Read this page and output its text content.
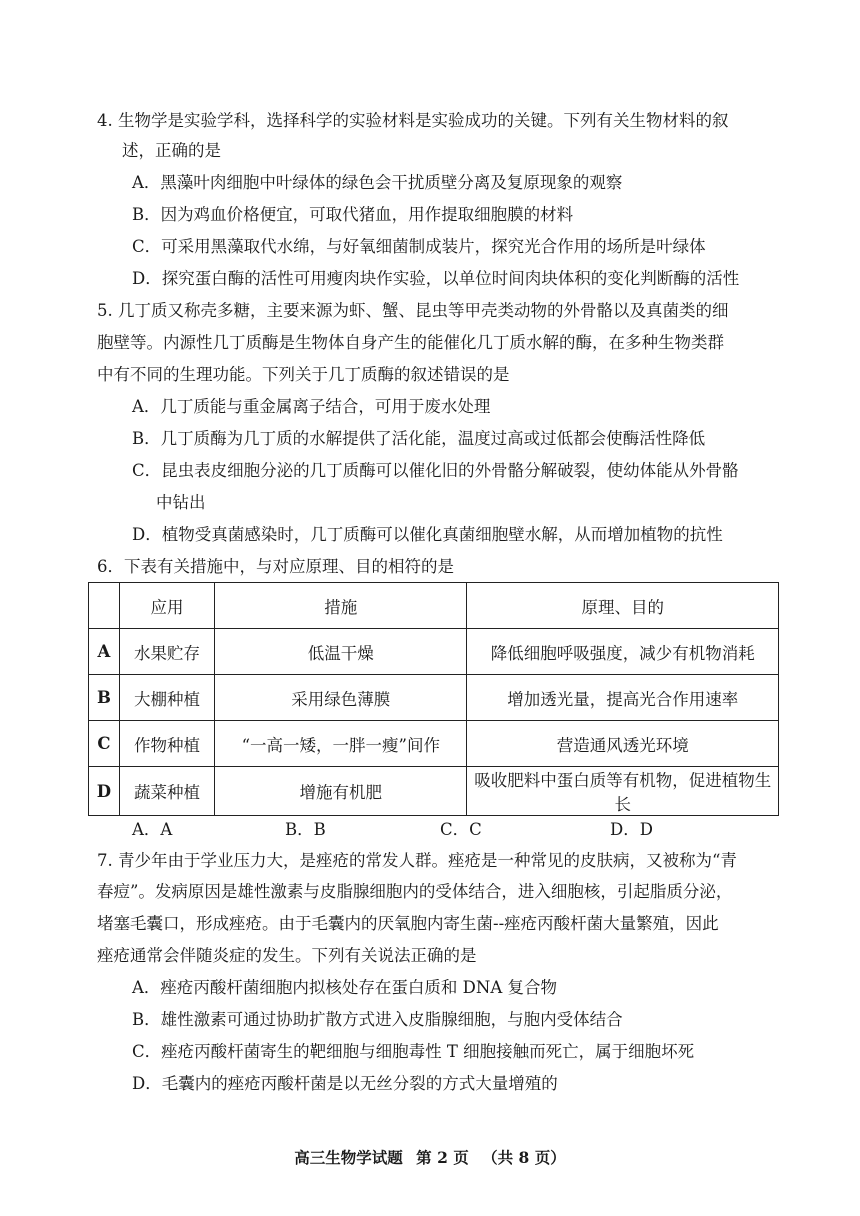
4. 生物学是实验学科，选择科学的实验材料是实验成功的关键。下列有关生物材料的叙
述，正确的是
A．黑藻叶肉细胞中叶绿体的绿色会干扰质壁分离及复原现象的观察
B．因为鸡血价格便宜，可取代猪血，用作提取细胞膜的材料
C．可采用黑藻取代水绵，与好氧细菌制成装片，探究光合作用的场所是叶绿体
D．探究蛋白酶的活性可用瘦肉块作实验，以单位时间肉块体积的变化判断酶的活性
5. 几丁质又称壳多糖，主要来源为虾、蟹、昆虫等甲壳类动物的外骨骼以及真菌类的细
胞壁等。内源性几丁质酶是生物体自身产生的能催化几丁质水解的酶，在多种生物类群
中有不同的生理功能。下列关于几丁质酶的叙述错误的是
A．几丁质能与重金属离子结合，可用于废水处理
B．几丁质酶为几丁质的水解提供了活化能，温度过高或过低都会使酶活性降低
C．昆虫表皮细胞分泌的几丁质酶可以催化旧的外骨骼分解破裂，使幼体能从外骨骼
中钻出
D．植物受真菌感染时，几丁质酶可以催化真菌细胞壁水解，从而增加植物的抗性
6．下表有关措施中，与对应原理、目的相符的是
	应用	措施	原理、目的
A	水果贮存	低温干燥	降低细胞呼吸强度，减少有机物消耗
B	大棚种植	采用绿色薄膜	增加透光量，提高光合作用速率
C	作物种植	“一高一矮，一胖一瘦”间作	营造通风透光环境
D	蔬菜种植	增施有机肥	吸收肥料中蛋白质等有机物，促进植物生长
A．A	B．B	C．C	D．D
7. 青少年由于学业压力大，是痤疮的常发人群。痤疮是一种常见的皮肤病，又被称为“青
春痘”。发病原因是雄性激素与皮脂腺细胞内的受体结合，进入细胞核，引起脂质分泌，
堵塞毛囊口，形成痤疮。由于毛囊内的厌氧胞内寄生菌--痤疮丙酸杆菌大量繁殖，因此
痤疮通常会伴随炎症的发生。下列有关说法正确的是
A．痤疮丙酸杆菌细胞内拟核处存在蛋白质和 DNA 复合物
B．雄性激素可通过协助扩散方式进入皮脂腺细胞，与胞内受体结合
C．痤疮丙酸杆菌寄生的靶细胞与细胞毒性 T 细胞接触而死亡，属于细胞坏死
D．毛囊内的痤疮丙酸杆菌是以无丝分裂的方式大量增殖的
高三生物学试题 第 2 页 （共 8 页）
